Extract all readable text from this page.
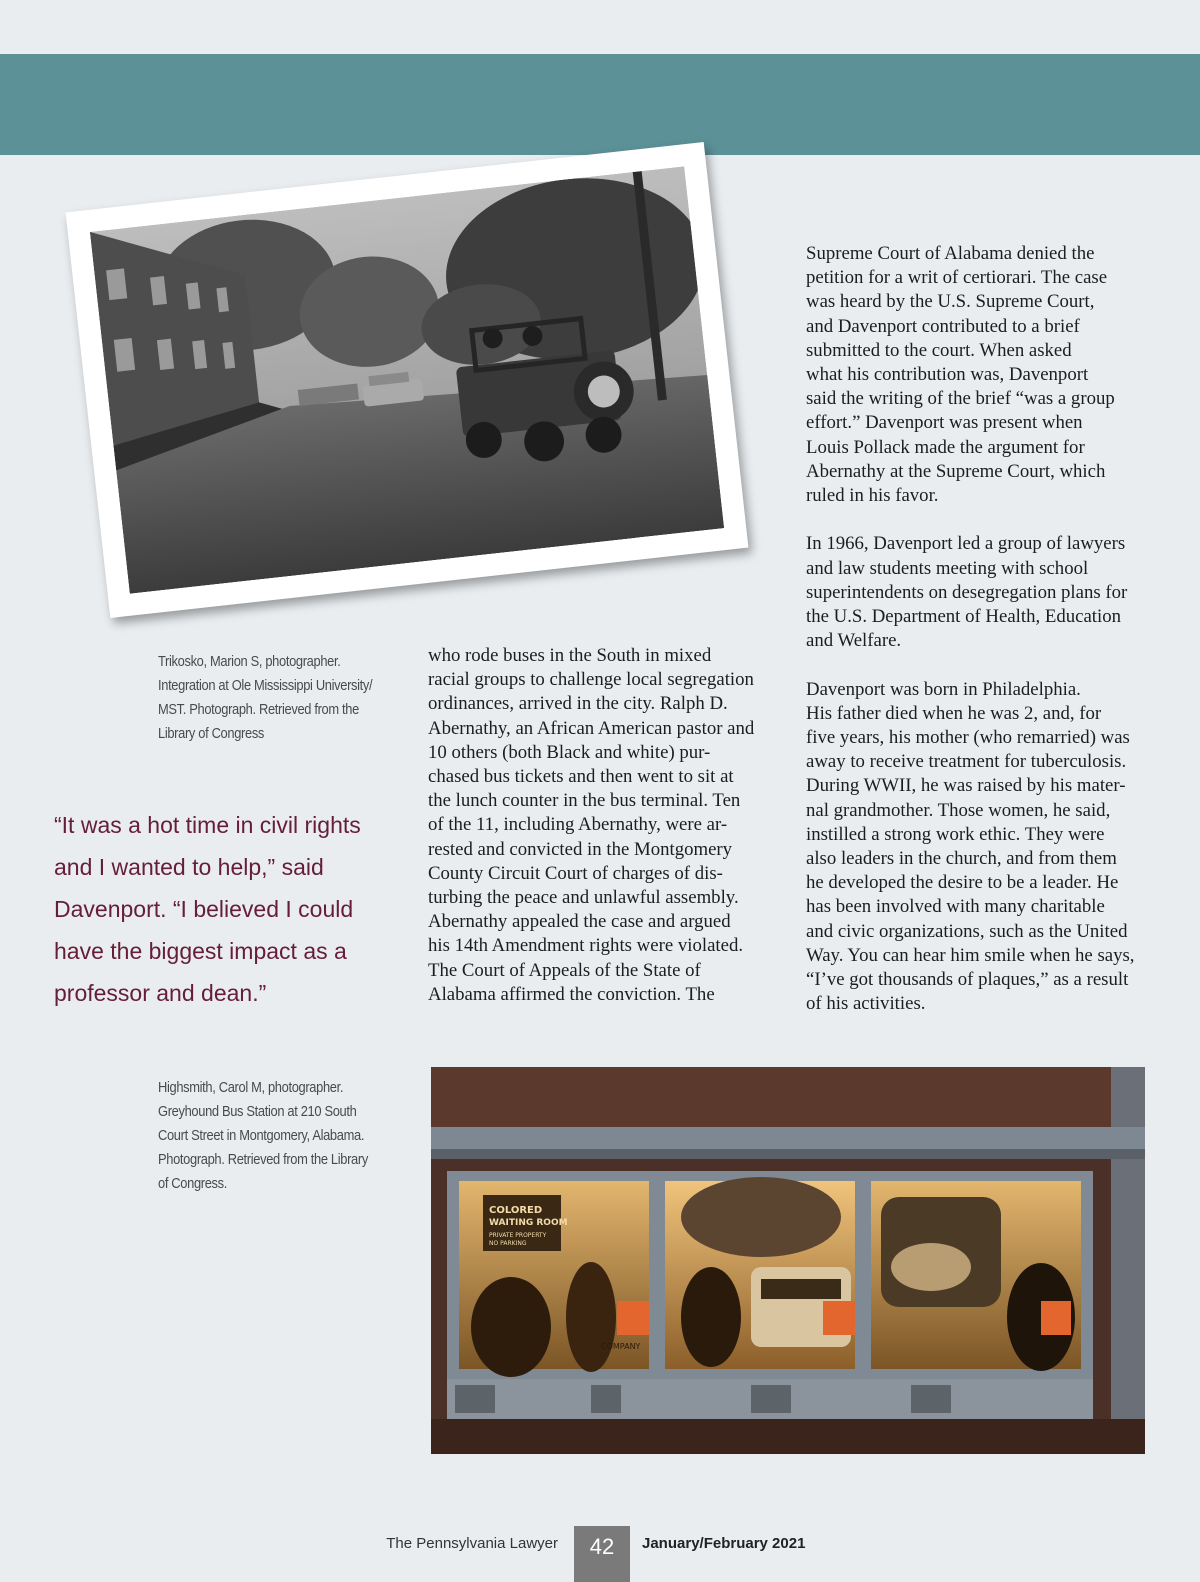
Trikosko, Marion S, photographer.

Integration at Ole Mississippi University/

MST. Photograph. Retrieved from the

Library of Congress

“It was a hot time in civil rights

and I wanted to help,” said

Davenport. “I believed I could

have the biggest impact as a

professor and dean.”

who rode buses in the South in mixed

racial groups to challenge local segregation

ordinances, arrived in the city. Ralph D.

Abernathy, an African American pastor and

10 others (both Black and white) pur-

chased bus tickets and then went to sit at

the lunch counter in the bus terminal. Ten

of the 11, including Abernathy, were ar-

rested and convicted in the Montgomery

County Circuit Court of charges of dis-

turbing the peace and unlawful assembly.

Abernathy appealed the case and argued

his 14th Amendment rights were violated.

The Court of Appeals of the State of

Alabama affirmed the conviction. The

Supreme Court of Alabama denied the

petition for a writ of certiorari. The case

was heard by the U.S. Supreme Court,

and Davenport contributed to a brief

submitted to the court. When asked

what his contribution was, Davenport

said the writing of the brief “was a group

effort.” Davenport was present when

Louis Pollack made the argument for

Abernathy at the Supreme Court, which

ruled in his favor.

In 1966, Davenport led a group of lawyers

and law students meeting with school

superintendents on desegregation plans for

the U.S. Department of Health, Education

and Welfare.

Davenport was born in Philadelphia.

His father died when he was 2, and, for

five years, his mother (who remarried) was

away to receive treatment for tuberculosis.

During WWII, he was raised by his mater-

nal grandmother. Those women, he said,

instilled a strong work ethic. They were

also leaders in the church, and from them

he developed the desire to be a leader. He

has been involved with many charitable

and civic organizations, such as the United

Way. You can hear him smile when he says,

“I’ve got thousands of plaques,” as a result

of his activities.

Highsmith, Carol M, photographer.

Greyhound Bus Station at 210 South

Court Street in Montgomery, Alabama.

Photograph. Retrieved from the Library

of Congress.

COLORED
WAITING ROOM
PRIVATE PROPERTY
NO PARKING
COMPANY
The Pennsylvania Lawyer	42	January/February 2021
